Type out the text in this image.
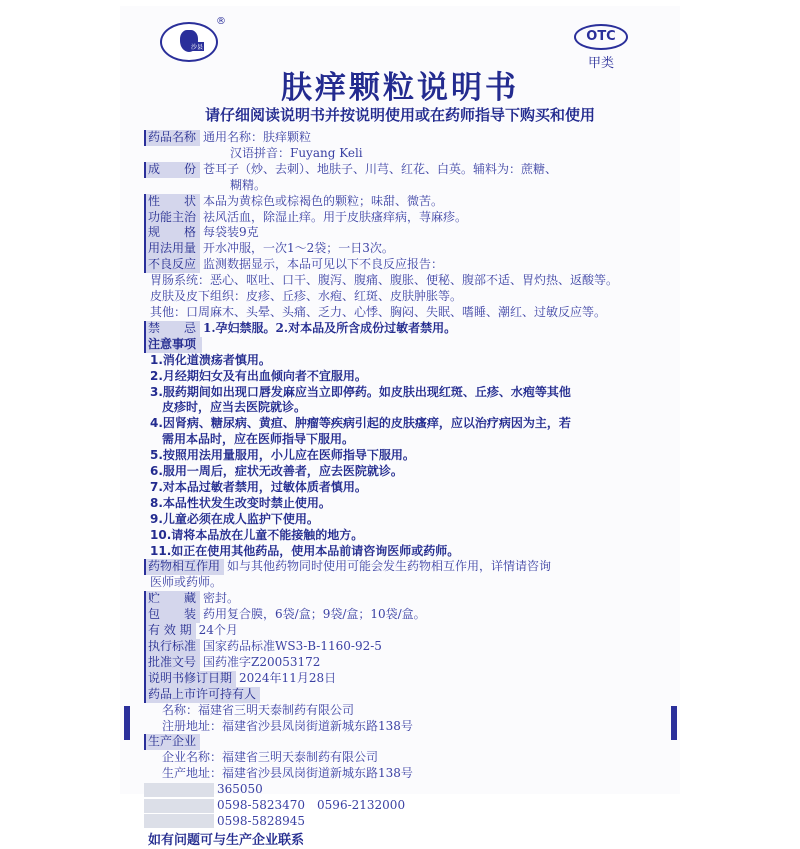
沙县
®
OTC
甲类
肤痒颗粒说明书
请仔细阅读说明书并按说明使用或在药师指导下购买和使用
药品名称 通用名称：肤痒颗粒
汉语拼音：Fuyang Keli
成　　份 苍耳子（炒、去刺）、地肤子、川芎、红花、白英。辅料为：蔗糖、
糊精。
性　　状 本品为黄棕色或棕褐色的颗粒；味甜、微苦。
功能主治 祛风活血，除湿止痒。用于皮肤瘙痒病，荨麻疹。
规　　格 每袋装9克
用法用量 开水冲服，一次1～2袋；一日3次。
不良反应 监测数据显示，本品可见以下不良反应报告：
胃肠系统：恶心、呕吐、口干、腹泻、腹痛、腹胀、便秘、腹部不适、胃灼热、返酸等。
皮肤及皮下组织：皮疹、丘疹、水疱、红斑、皮肤肿胀等。
其他：口周麻木、头晕、头痛、乏力、心悸、胸闷、失眠、嗜睡、潮红、过敏反应等。
禁　　忌 1.孕妇禁服。2.对本品及所含成份过敏者禁用。
注意事项
1.消化道溃疡者慎用。
2.月经期妇女及有出血倾向者不宜服用。
3.服药期间如出现口唇发麻应当立即停药。如皮肤出现红斑、丘疹、水疱等其他
皮疹时，应当去医院就诊。
4.因肾病、糖尿病、黄疸、肿瘤等疾病引起的皮肤瘙痒，应以治疗病因为主，若
需用本品时，应在医师指导下服用。
5.按照用法用量服用，小儿应在医师指导下服用。
6.服用一周后，症状无改善者，应去医院就诊。
7.对本品过敏者禁用，过敏体质者慎用。
8.本品性状发生改变时禁止使用。
9.儿童必须在成人监护下使用。
10.请将本品放在儿童不能接触的地方。
11.如正在使用其他药品，使用本品前请咨询医师或药师。
药物相互作用 如与其他药物同时使用可能会发生药物相互作用，详情请咨询
医师或药师。
贮　　藏 密封。
包　　装 药用复合膜，6袋/盒；9袋/盒；10袋/盒。
有 效 期 24个月
执行标准 国家药品标准WS3-B-1160-92-5
批准文号 国药准字Z20053172
说明书修订日期 2024年11月28日
药品上市许可持有人
名称：福建省三明天泰制药有限公司
注册地址：福建省沙县凤岗街道新城东路138号
生产企业
企业名称：福建省三明天泰制药有限公司
生产地址：福建省沙县凤岗街道新城东路138号
365050
0598-5823470　0596-2132000
0598-5828945
如有问题可与生产企业联系
